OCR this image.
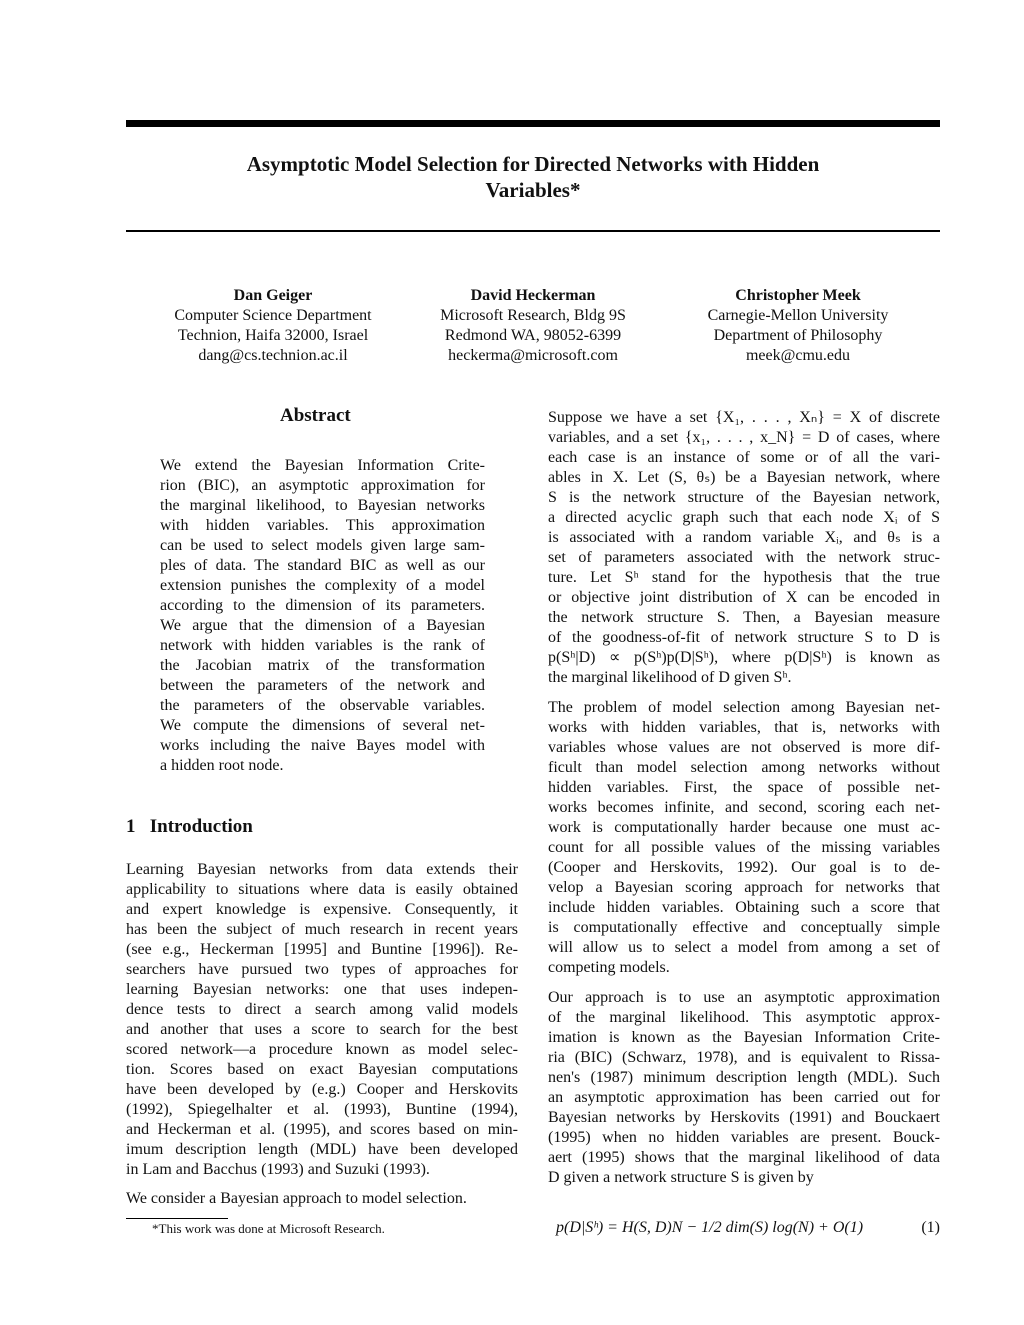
Asymptotic Model Selection for Directed Networks with Hidden
Variables*
Dan Geiger
Computer Science Department
Technion, Haifa 32000, Israel
dang@cs.technion.ac.il
David Heckerman
Microsoft Research, Bldg 9S
Redmond WA, 98052-6399
heckerma@microsoft.com
Christopher Meek
Carnegie-Mellon University
Department of Philosophy
meek@cmu.edu
We extend the Bayesian Information Crite-
rion (BIC), an asymptotic approximation for
the marginal likelihood, to Bayesian networks
with hidden variables. This approximation
can be used to select models given large sam-
ples of data. The standard BIC as well as our
extension punishes the complexity of a model
according to the dimension of its parameters.
We argue that the dimension of a Bayesian
network with hidden variables is the rank of
the Jacobian matrix of the transformation
between the parameters of the network and
the parameters of the observable variables.
We compute the dimensions of several net-
works including the naive Bayes model with
a hidden root node.
Learning Bayesian networks from data extends their
applicability to situations where data is easily obtained
and expert knowledge is expensive. Consequently, it
has been the subject of much research in recent years
(see e.g., Heckerman [1995] and Buntine [1996]). Re-
searchers have pursued two types of approaches for
learning Bayesian networks: one that uses indepen-
dence tests to direct a search among valid models
and another that uses a score to search for the best
scored network—a procedure known as model selec-
tion. Scores based on exact Bayesian computations
have been developed by (e.g.) Cooper and Herskovits
(1992), Spiegelhalter et al. (1993), Buntine (1994),
and Heckerman et al. (1995), and scores based on min-
imum description length (MDL) have been developed
in Lam and Bacchus (1993) and Suzuki (1993).
We consider a Bayesian approach to model selection.
Suppose we have a set {X₁, . . . , Xₙ} = X of discrete
variables, and a set {x₁, . . . , x_N} = D of cases, where
each case is an instance of some or of all the vari-
ables in X. Let (S, θₛ) be a Bayesian network, where
S is the network structure of the Bayesian network,
a directed acyclic graph such that each node Xᵢ of S
is associated with a random variable Xᵢ, and θₛ is a
set of parameters associated with the network struc-
ture. Let Sʰ stand for the hypothesis that the true
or objective joint distribution of X can be encoded in
the network structure S. Then, a Bayesian measure
of the goodness-of-fit of network structure S to D is
p(Sʰ|D) ∝ p(Sʰ)p(D|Sʰ), where p(D|Sʰ) is known as
the marginal likelihood of D given Sʰ.
The problem of model selection among Bayesian net-
works with hidden variables, that is, networks with
variables whose values are not observed is more dif-
ficult than model selection among networks without
hidden variables. First, the space of possible net-
works becomes infinite, and second, scoring each net-
work is computationally harder because one must ac-
count for all possible values of the missing variables
(Cooper and Herskovits, 1992). Our goal is to de-
velop a Bayesian scoring approach for networks that
include hidden variables. Obtaining such a score that
is computationally effective and conceptually simple
will allow us to select a model from among a set of
competing models.
Our approach is to use an asymptotic approximation
of the marginal likelihood. This asymptotic approx-
imation is known as the Bayesian Information Crite-
ria (BIC) (Schwarz, 1978), and is equivalent to Rissa-
nen's (1987) minimum description length (MDL). Such
an asymptotic approximation has been carried out for
Bayesian networks by Herskovits (1991) and Bouckaert
(1995) when no hidden variables are present. Bouck-
aert (1995) shows that the marginal likelihood of data
D given a network structure S is given by
Abstract
1   Introduction
*This work was done at Microsoft Research.	p(D|Sʰ) = H(S, D)N − 1/2 dim(S) log(N) + O(1)	(1)
